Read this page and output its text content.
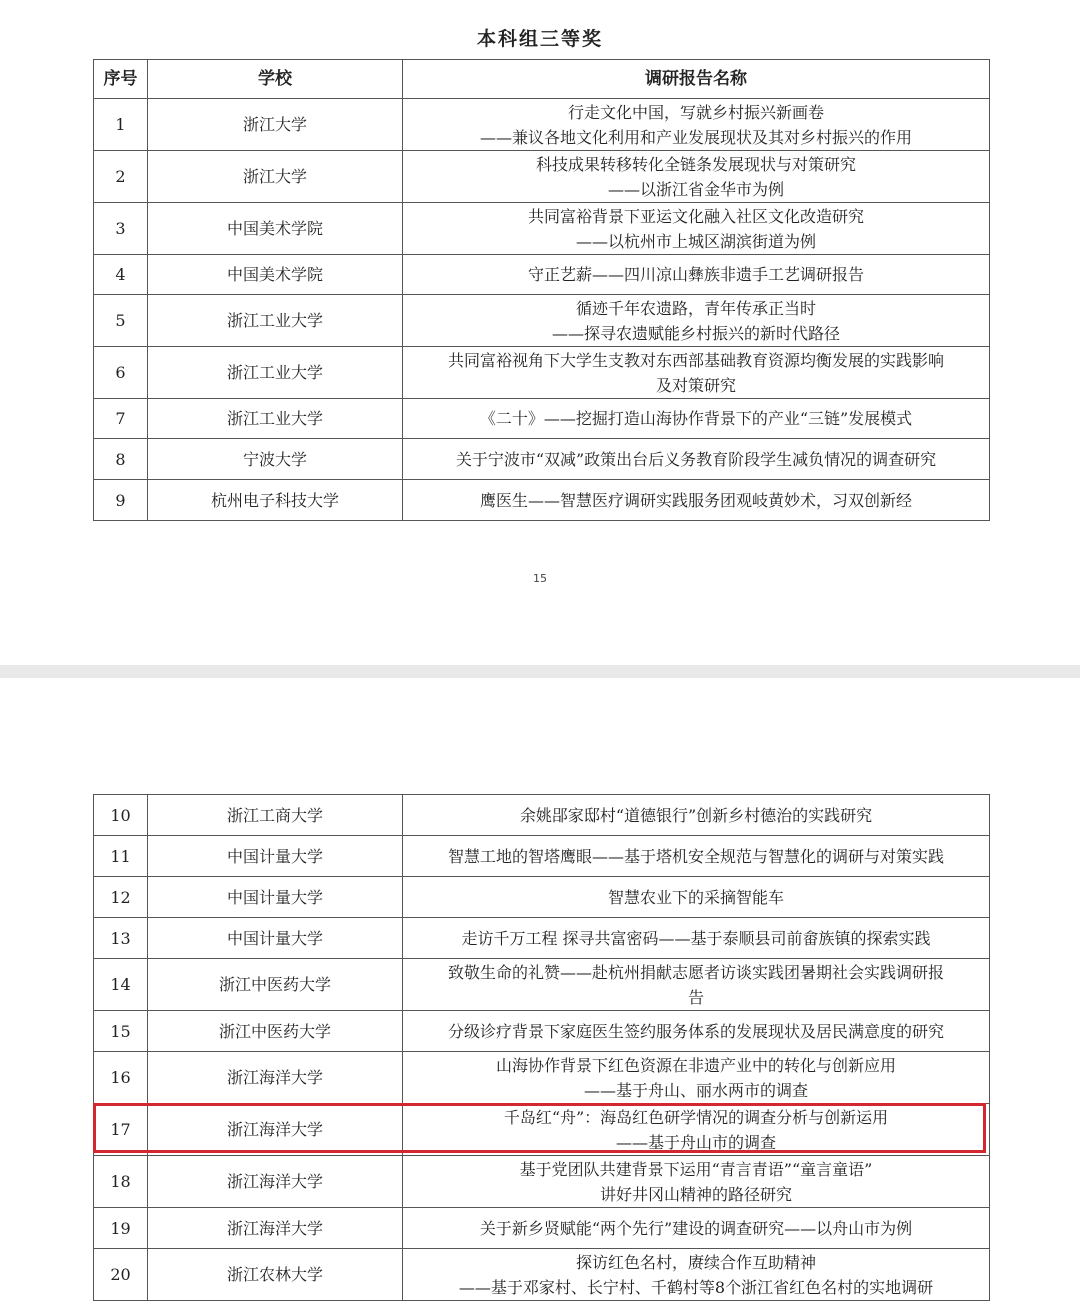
本科组三等奖
序号	学校	调研报告名称
1	浙江大学	行走文化中国，写就乡村振兴新画卷
——兼议各地文化利用和产业发展现状及其对乡村振兴的作用

2	浙江大学	科技成果转移转化全链条发展现状与对策研究
——以浙江省金华市为例

3	中国美术学院	共同富裕背景下亚运文化融入社区文化改造研究
——以杭州市上城区湖滨街道为例

4	中国美术学院	守正艺薪——四川凉山彝族非遗手工艺调研报告

5	浙江工业大学	循迹千年农遗路，青年传承正当时
——探寻农遗赋能乡村振兴的新时代路径

6	浙江工业大学	共同富裕视角下大学生支教对东西部基础教育资源均衡发展的实践影响
及对策研究

7	浙江工业大学	《二十》——挖掘打造山海协作背景下的产业“三链”发展模式

8	宁波大学	关于宁波市“双减”政策出台后义务教育阶段学生减负情况的调查研究

9	杭州电子科技大学	鹰医生——智慧医疗调研实践服务团观岐黄妙术，习双创新经
15
10	浙江工商大学	余姚郘家邸村“道德银行”创新乡村德治的实践研究

11	中国计量大学	智慧工地的智塔鹰眼——基于塔机安全规范与智慧化的调研与对策实践

12	中国计量大学	智慧农业下的采摘智能车

13	中国计量大学	走访千万工程 探寻共富密码——基于泰顺县司前畲族镇的探索实践

14	浙江中医药大学	致敬生命的礼赞——赴杭州捐献志愿者访谈实践团暑期社会实践调研报
告

15	浙江中医药大学	分级诊疗背景下家庭医生签约服务体系的发展现状及居民满意度的研究

16	浙江海洋大学	山海协作背景下红色资源在非遗产业中的转化与创新应用
——基于舟山、丽水两市的调查

17	浙江海洋大学	千岛红“舟”：海岛红色研学情况的调查分析与创新运用
——基于舟山市的调查

18	浙江海洋大学	基于党团队共建背景下运用“青言青语”“童言童语”
讲好井冈山精神的路径研究

19	浙江海洋大学	关于新乡贤赋能“两个先行”建设的调查研究——以舟山市为例

20	浙江农林大学	探访红色名村，赓续合作互助精神
——基于邓家村、长宁村、千鹤村等8个浙江省红色名村的实地调研
